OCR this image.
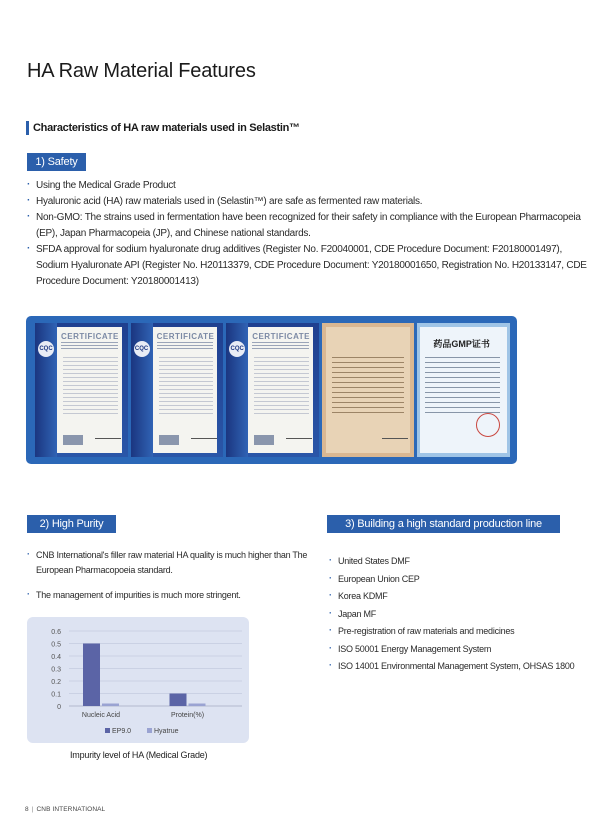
HA Raw Material Features
Characteristics of HA raw materials used in Selastin™
1) Safety
· Using the Medical Grade Product
· Hyaluronic acid (HA) raw materials used in (Selastin™) are safe as fermented raw materials.
· Non-GMO: The strains used in fermentation have been recognized for their safety in compliance with the European Pharmacopeia (EP), Japan Pharmacopeia (JP), and Chinese national standards.
· SFDA approval for sodium hyaluronate drug additives (Register No. F20040001, CDE Procedure Document: F20180001497), Sodium Hyaluronate API (Register No. H20113379, CDE Procedure Document: Y20180001650, Registration No. H20133147, CDE Procedure Document: Y20180001413)
CQC
CERTIFICATE
CQC
CERTIFICATE
CQC
CERTIFICATE
药品GMP证书
2) High Purity
· CNB International's filler raw material HA quality is much higher than The European Pharmacopoeia standard.
· The management of impurities is much more stringent.
3) Building a high standard production line
· United States DMF
· European Union CEP
· Korea KDMF
· Japan MF
· Pre-registration of raw materials and medicines
· ISO 50001 Energy Management System
· ISO 14001 Environmental Management System, OHSAS 1800
0.6
0.5
0.4
0.3
0.2
0.1
0
Nucleic Acid	Protein(%)
EP9.0	Hyatrue
Impurity level of HA (Medical Grade)
8 | CNB INTERNATIONAL
